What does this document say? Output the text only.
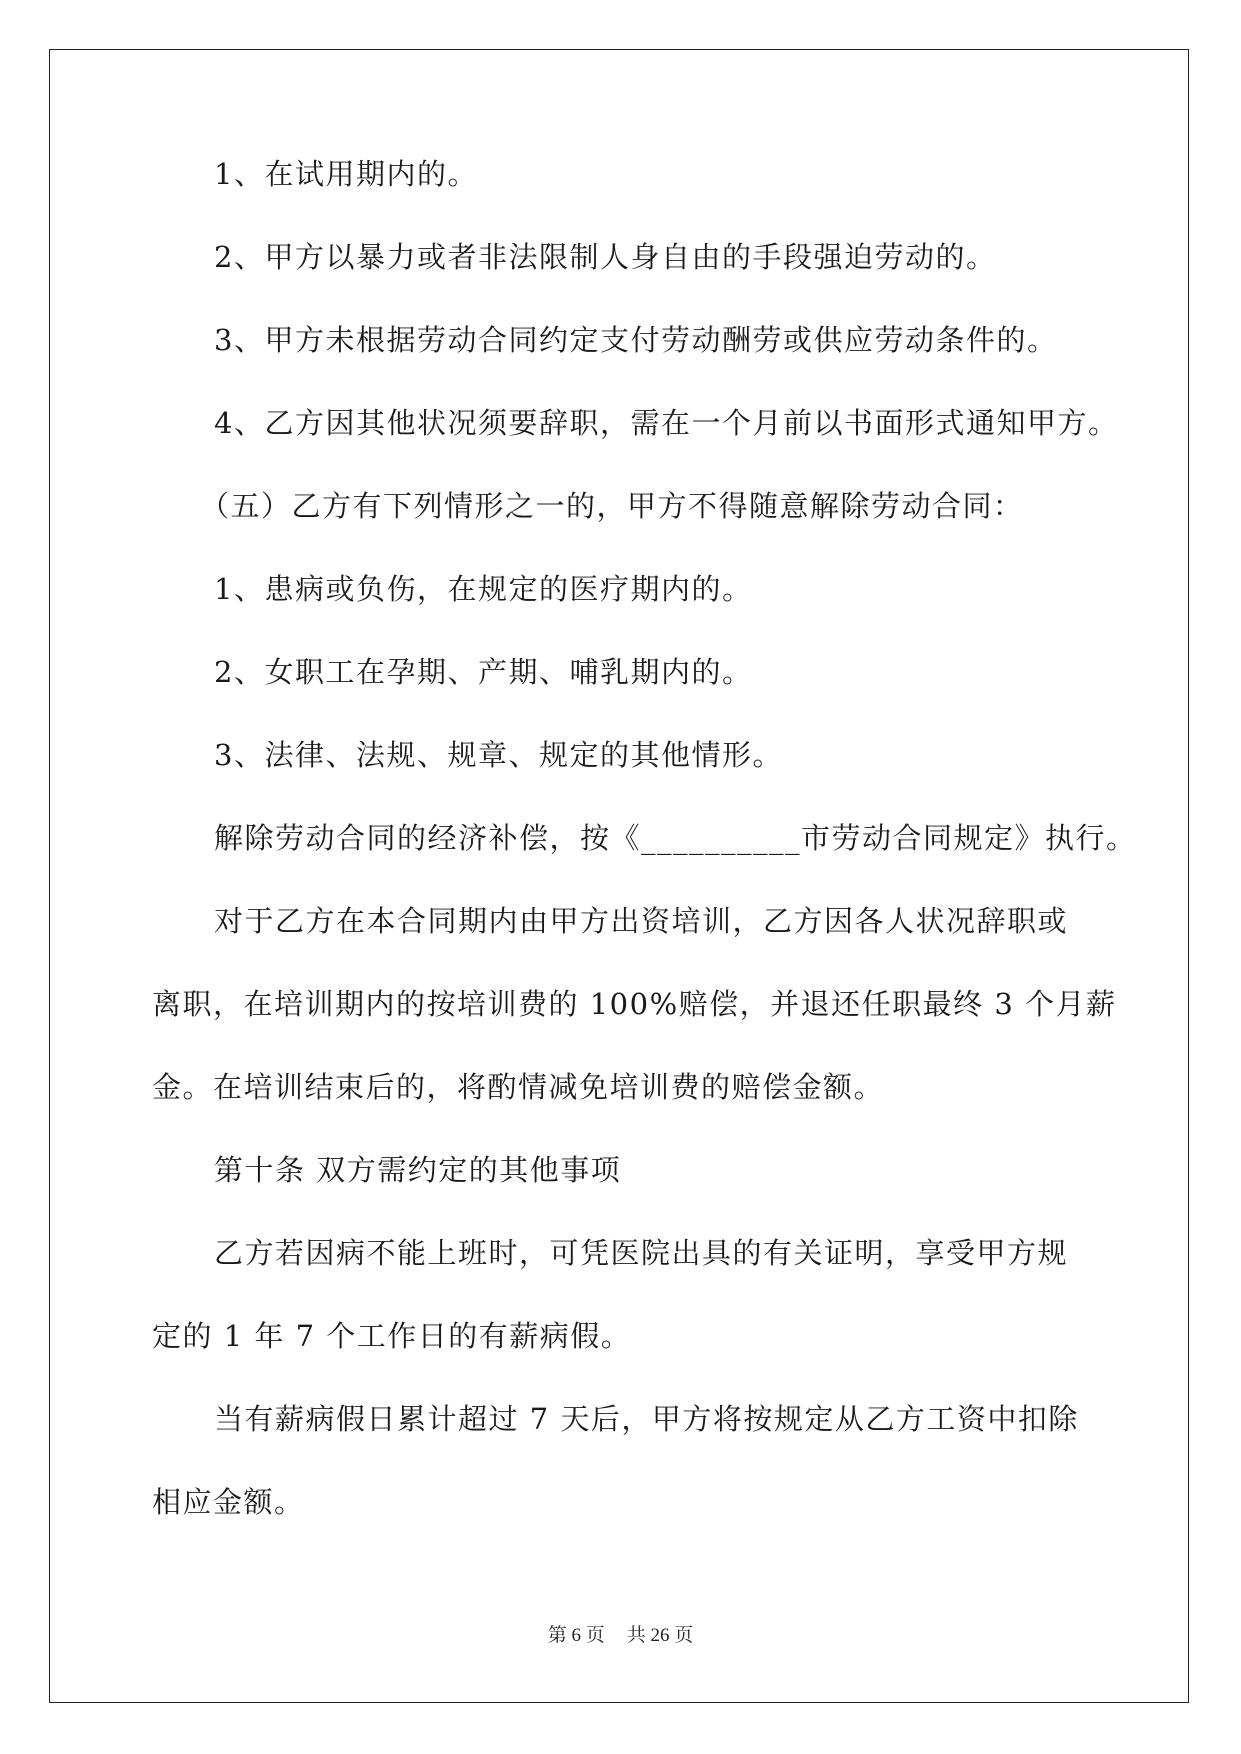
1、在试用期内的。
2、甲方以暴力或者非法限制人身自由的手段强迫劳动的。
3、甲方未根据劳动合同约定支付劳动酬劳或供应劳动条件的。
4、乙方因其他状况须要辞职，需在一个月前以书面形式通知甲方。
（五）乙方有下列情形之一的，甲方不得随意解除劳动合同：
1、患病或负伤，在规定的医疗期内的。
2、女职工在孕期、产期、哺乳期内的。
3、法律、法规、规章、规定的其他情形。
解除劳动合同的经济补偿，按《__________市劳动合同规定》执行。
对于乙方在本合同期内由甲方出资培训，乙方因各人状况辞职或
离职，在培训期内的按培训费的 100%赔偿，并退还任职最终 3 个月薪
金。在培训结束后的，将酌情减免培训费的赔偿金额。
第十条 双方需约定的其他事项
乙方若因病不能上班时，可凭医院出具的有关证明，享受甲方规
定的 1 年 7 个工作日的有薪病假。
当有薪病假日累计超过 7 天后，甲方将按规定从乙方工资中扣除
相应金额。
第 6 页 共 26 页
